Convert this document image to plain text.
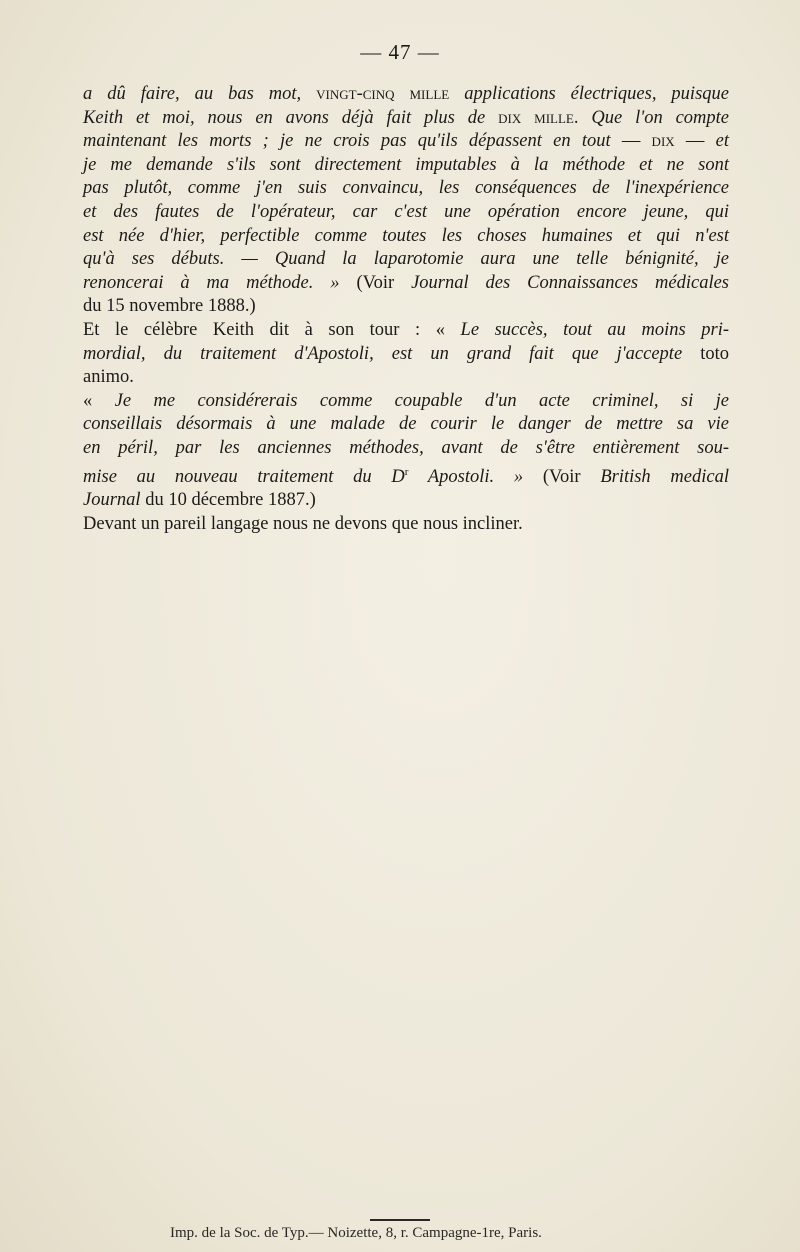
— 47 —
a dû faire, au bas mot, vingt-cinq mille applications électriques, puisque
Keith et moi, nous en avons déjà fait plus de dix mille. Que l'on compte
maintenant les morts ; je ne crois pas qu'ils dépassent en tout — dix — et
je me demande s'ils sont directement imputables à la méthode et ne sont
pas plutôt, comme j'en suis convaincu, les conséquences de l'inexpérience
et des fautes de l'opérateur, car c'est une opération encore jeune, qui
est née d'hier, perfectible comme toutes les choses humaines et qui n'est
qu'à ses débuts. — Quand la laparotomie aura une telle bénignité, je
renoncerai à ma méthode. » (Voir Journal des Connaissances médicales
du 15 novembre 1888.)
Et le célèbre Keith dit à son tour : « Le succès, tout au moins pri-
mordial, du traitement d'Apostoli, est un grand fait que j'accepte toto
animo.
« Je me considérerais comme coupable d'un acte criminel, si je
conseillais désormais à une malade de courir le danger de mettre sa vie
en péril, par les anciennes méthodes, avant de s'être entièrement sou-
mise au nouveau traitement du $D^r$ Apostoli. » (Voir British medical
Journal du 10 décembre 1887.)
Devant un pareil langage nous ne devons que nous incliner.
Imp. de la Soc. de Typ.— Noizette, 8, r. Campagne-1re, Paris.
